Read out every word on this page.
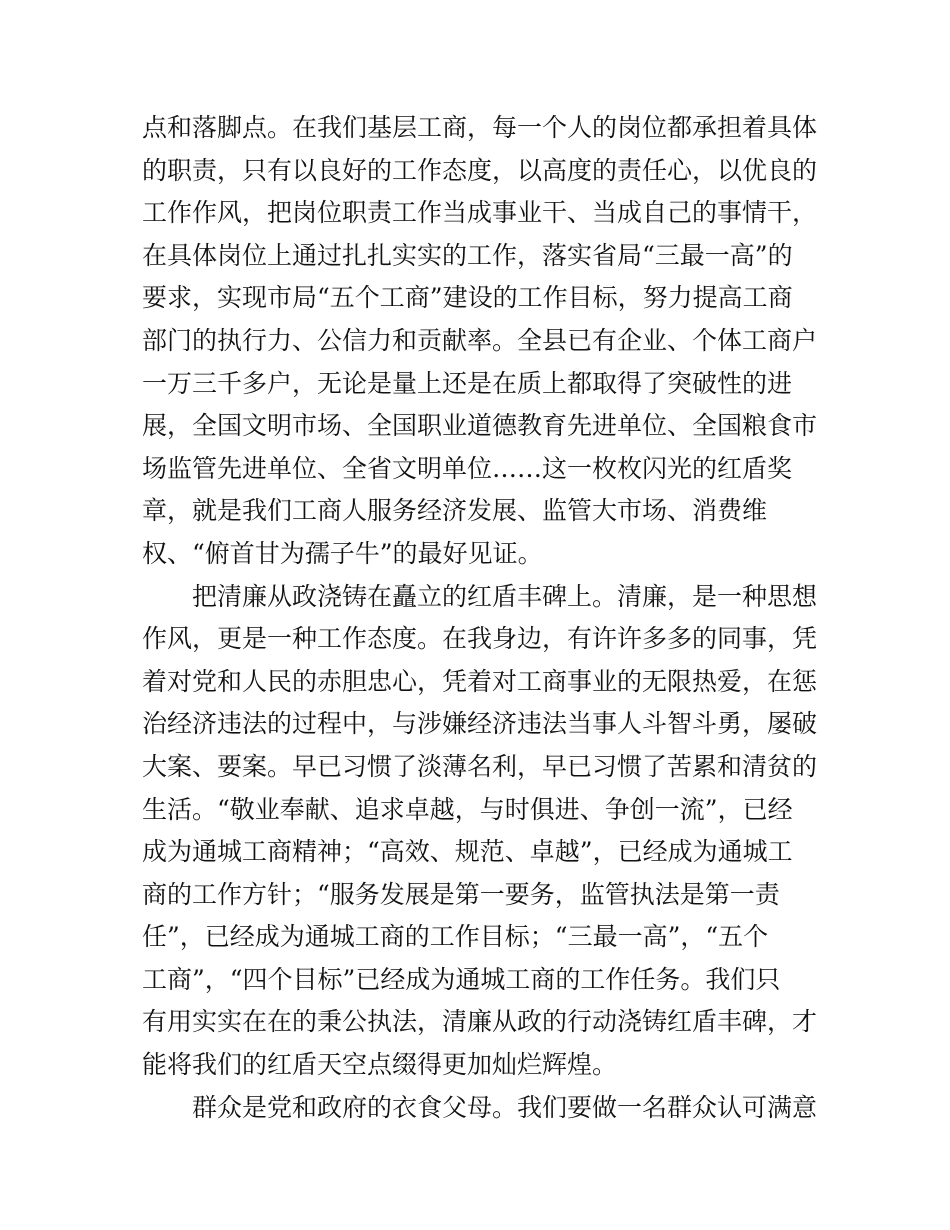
点和落脚点。在我们基层工商，每一个人的岗位都承担着具体
的职责，只有以良好的工作态度，以高度的责任心，以优良的
工作作风，把岗位职责工作当成事业干、当成自己的事情干，
在具体岗位上通过扎扎实实的工作，落实省局“三最一高”的
要求，实现市局“五个工商”建设的工作目标，努力提高工商
部门的执行力、公信力和贡献率。全县已有企业、个体工商户
一万三千多户，无论是量上还是在质上都取得了突破性的进
展，全国文明市场、全国职业道德教育先进单位、全国粮食市
场监管先进单位、全省文明单位……这一枚枚闪光的红盾奖
章，就是我们工商人服务经济发展、监管大市场、消费维
权、“俯首甘为孺子牛”的最好见证。
把清廉从政浇铸在矗立的红盾丰碑上。清廉，是一种思想
作风，更是一种工作态度。在我身边，有许许多多的同事，凭
着对党和人民的赤胆忠心，凭着对工商事业的无限热爱，在惩
治经济违法的过程中，与涉嫌经济违法当事人斗智斗勇，屡破
大案、要案。早已习惯了淡薄名利，早已习惯了苦累和清贫的
生活。“敬业奉献、追求卓越，与时俱进、争创一流”，已经
成为通城工商精神；“高效、规范、卓越”，已经成为通城工
商的工作方针；“服务发展是第一要务，监管执法是第一责
任”，已经成为通城工商的工作目标；“三最一高”，“五个
工商”，“四个目标”已经成为通城工商的工作任务。我们只
有用实实在在的秉公执法，清廉从政的行动浇铸红盾丰碑，才
能将我们的红盾天空点缀得更加灿烂辉煌。
群众是党和政府的衣食父母。我们要做一名群众认可满意
